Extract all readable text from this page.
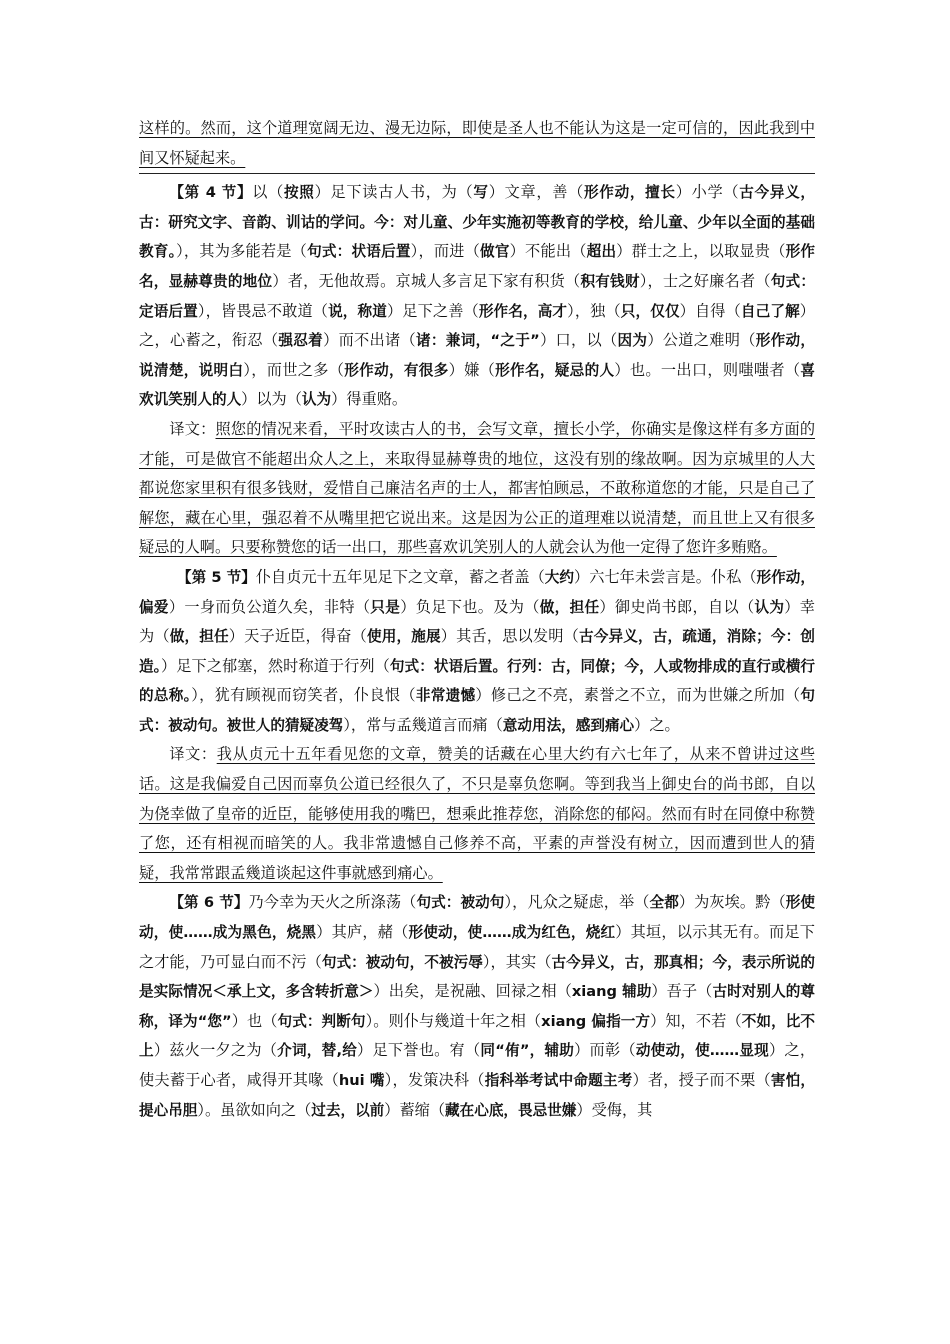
这样的。然而，这个道理宽阔无边、漫无边际，即使是圣人也不能认为这是一定可信的，因此我到中间又怀疑起来。

【第 4 节】以（按照）足下读古人书，为（写）文章，善（形作动，擅长）小学（古今异义，古：研究文字、音韵、训诂的学问。今：对儿童、少年实施初等教育的学校，给儿童、少年以全面的基础教育。），其为多能若是（句式：状语后置），而进（做官）不能出（超出）群士之上，以取显贵（形作名，显赫尊贵的地位）者，无他故焉。京城人多言足下家有积货（积有钱财），士之好廉名者（句式：定语后置），皆畏忌不敢道（说，称道）足下之善（形作名，高才），独（只，仅仅）自得（自己了解）之，心蓄之，衔忍（强忍着）而不出诸（诸：兼词，“之于”）口，以（因为）公道之难明（形作动，说清楚，说明白），而世之多（形作动，有很多）嫌（形作名，疑忌的人）也。一出口，则嗤嗤者（喜欢讥笑别人的人）以为（认为）得重赂。

译文：照您的情况来看，平时攻读古人的书，会写文章，擅长小学，你确实是像这样有多方面的才能，可是做官不能超出众人之上，来取得显赫尊贵的地位，这没有别的缘故啊。因为京城里的人大都说您家里积有很多钱财，爱惜自己廉洁名声的士人，都害怕顾忌，不敢称道您的才能，只是自己了解您，藏在心里，强忍着不从嘴里把它说出来。这是因为公正的道理难以说清楚，而且世上又有很多疑忌的人啊。只要称赞您的话一出口，那些喜欢讥笑别人的人就会认为他一定得了您许多贿赂。

【第 5 节】仆自贞元十五年见足下之文章，蓄之者盖（大约）六七年未尝言是。仆私（形作动，偏爱）一身而负公道久矣，非特（只是）负足下也。及为（做，担任）御史尚书郎，自以（认为）幸为（做，担任）天子近臣，得奋（使用，施展）其舌，思以发明（古今异义，古，疏通，消除；今：创造。）足下之郁塞，然时称道于行列（句式：状语后置。行列：古，同僚；今，人或物排成的直行或横行的总称。），犹有顾视而窃笑者，仆良恨（非常遗憾）修己之不亮，素誉之不立，而为世嫌之所加（句式：被动句。被世人的猜疑凌驾），常与孟幾道言而痛（意动用法，感到痛心）之。

译文：我从贞元十五年看见您的文章，赞美的话藏在心里大约有六七年了，从来不曾讲过这些话。这是我偏爱自己因而辜负公道已经很久了，不只是辜负您啊。等到我当上御史台的尚书郎，自以为侥幸做了皇帝的近臣，能够使用我的嘴巴，想乘此推荐您，消除您的郁闷。然而有时在同僚中称赞了您，还有相视而暗笑的人。我非常遗憾自己修养不高，平素的声誉没有树立，因而遭到世人的猜疑，我常常跟孟幾道谈起这件事就感到痛心。

【第 6 节】乃今幸为天火之所涤荡（句式：被动句），凡众之疑虑，举（全都）为灰埃。黔（形使动，使……成为黑色，烧黑）其庐，赭（形使动，使……成为红色，烧红）其垣，以示其无有。而足下之才能，乃可显白而不污（句式：被动句，不被污辱），其实（古今异义，古，那真相；今，表示所说的是实际情况＜承上文，多含转折意＞）出矣，是祝融、回禄之相（xiang 辅助）吾子（古时对别人的尊称，译为“您”）也（句式：判断句）。则仆与幾道十年之相（xiang 偏指一方）知，不若（不如，比不上）兹火一夕之为（介词，替,给）足下誉也。宥（同“侑”，辅助）而彰（动使动，使……显现）之，使夫蓄于心者，咸得开其喙（hui 嘴），发策决科（指科举考试中命题主考）者，授子而不栗（害怕，提心吊胆）。虽欲如向之（过去，以前）蓄缩（藏在心底，畏忌世嫌）受侮，其
